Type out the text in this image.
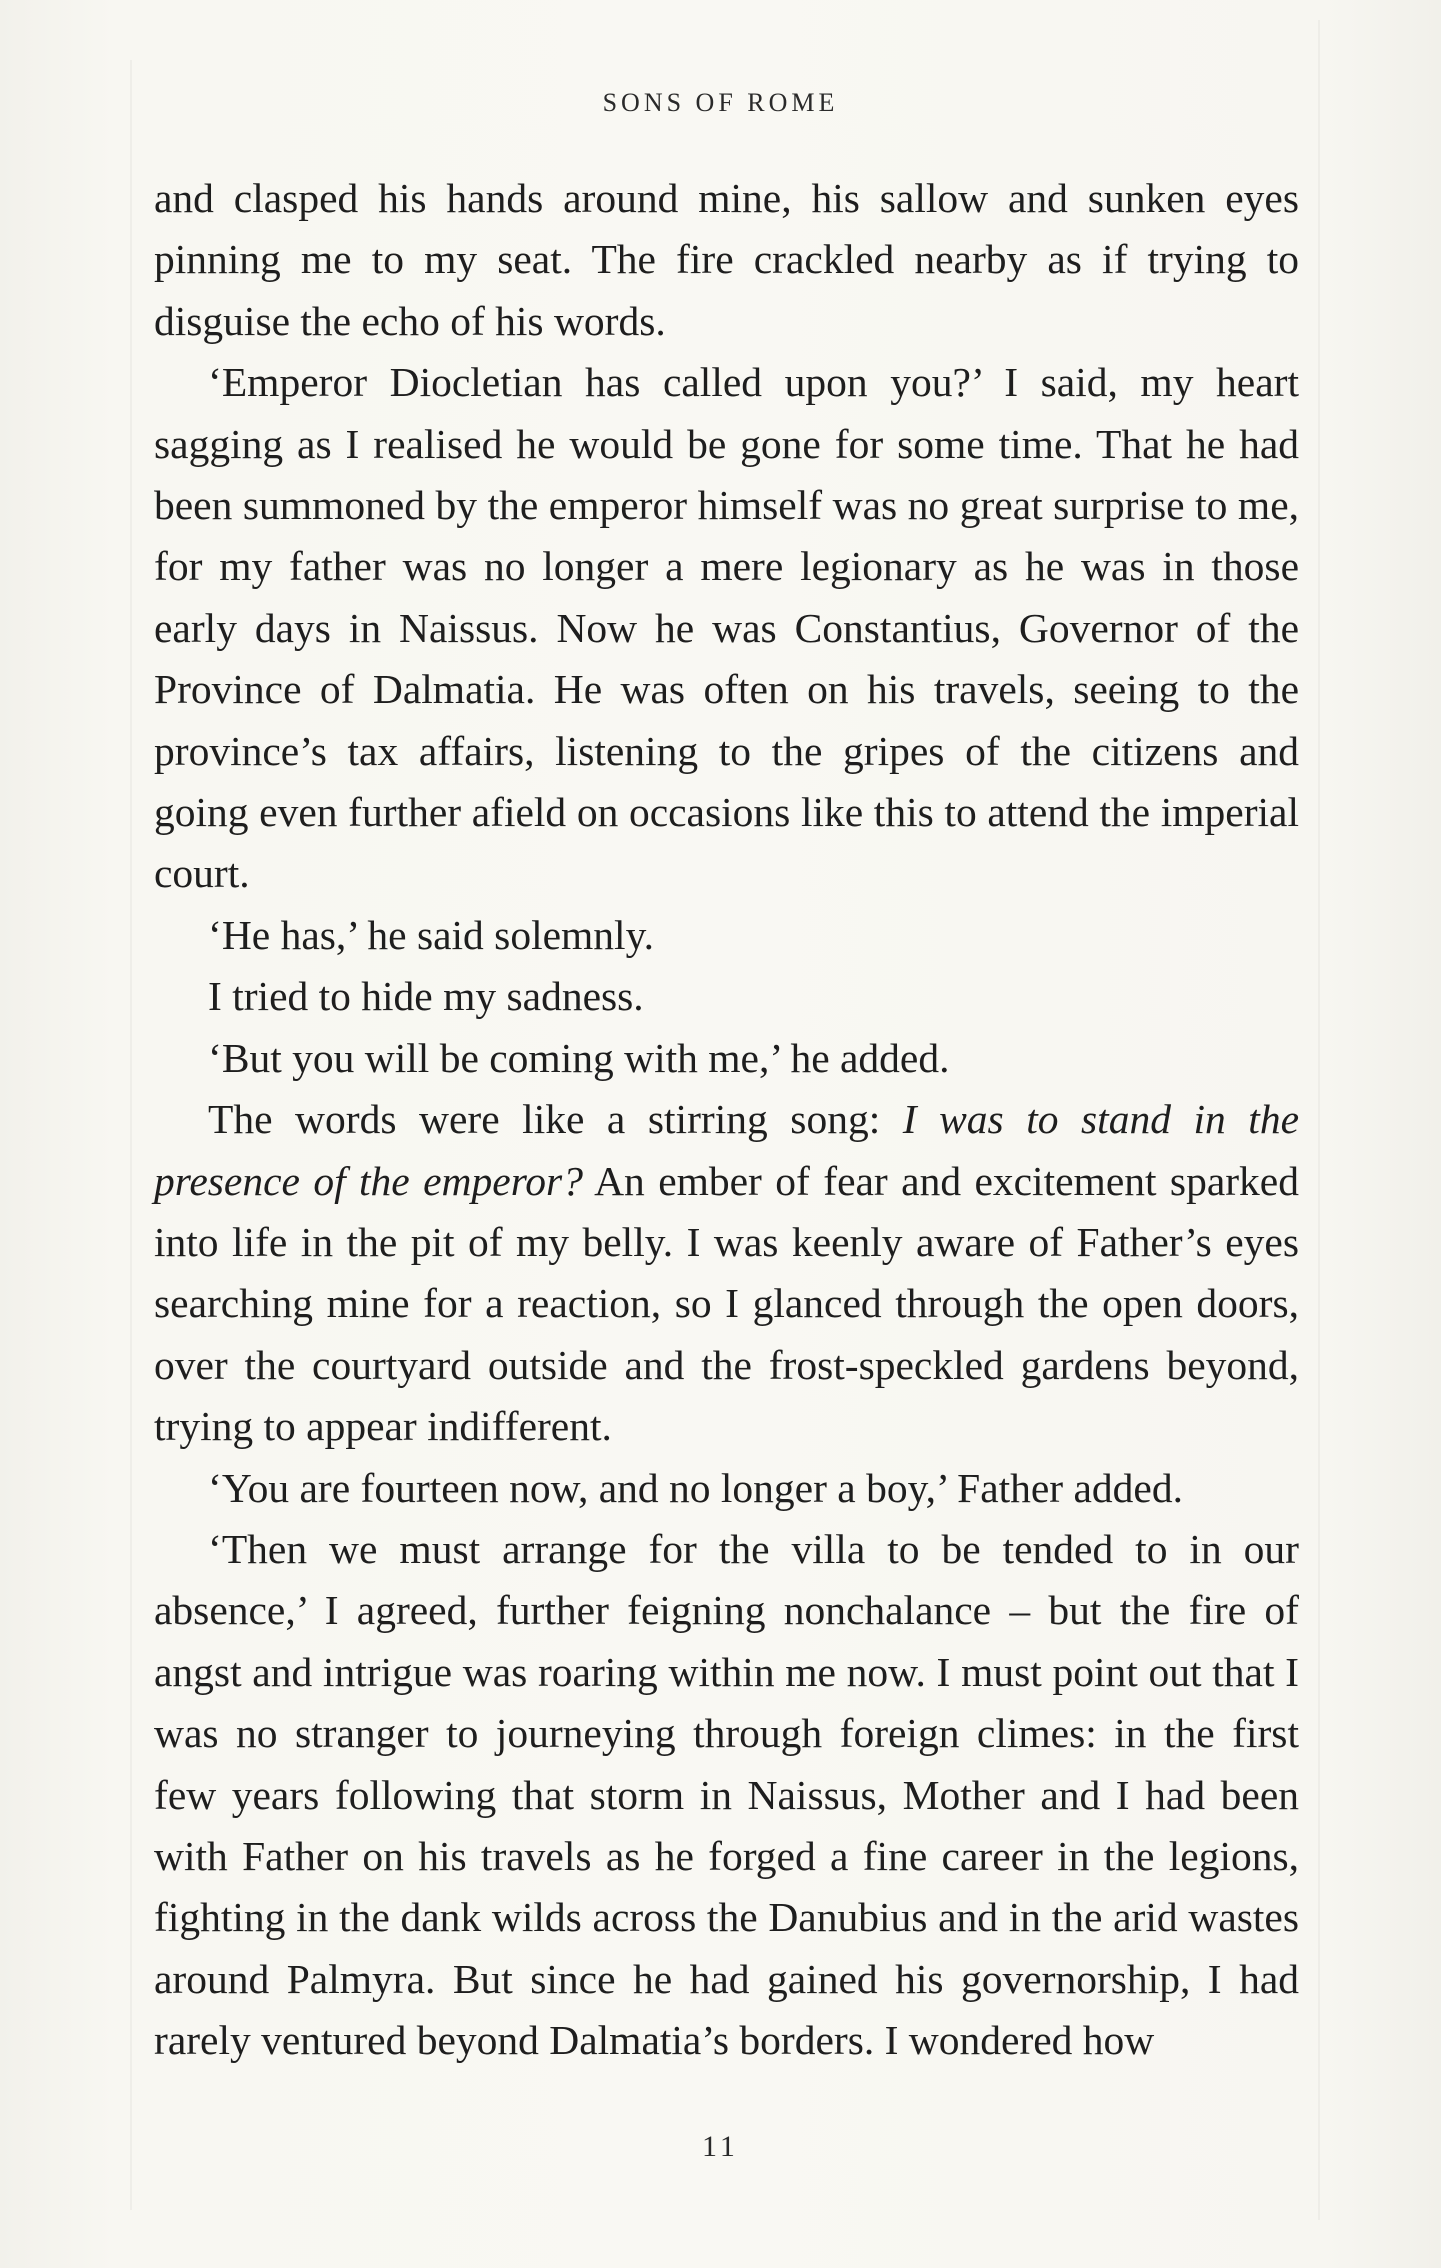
SONS OF ROME

and clasped his hands around mine, his sallow and sunken eyes pinning me to my seat. The fire crackled nearby as if trying to disguise the echo of his words.

‘Emperor Diocletian has called upon you?’ I said, my heart sagging as I realised he would be gone for some time. That he had been summoned by the emperor himself was no great surprise to me, for my father was no longer a mere legionary as he was in those early days in Naissus. Now he was Constantius, Governor of the Province of Dalmatia. He was often on his travels, seeing to the province’s tax affairs, listening to the gripes of the citizens and going even further afield on occasions like this to attend the imperial court.

‘He has,’ he said solemnly.

I tried to hide my sadness.

‘But you will be coming with me,’ he added.

The words were like a stirring song: I was to stand in the presence of the emperor? An ember of fear and excitement sparked into life in the pit of my belly. I was keenly aware of Father’s eyes searching mine for a reaction, so I glanced through the open doors, over the courtyard outside and the frost-speckled gardens beyond, trying to appear indifferent.

‘You are fourteen now, and no longer a boy,’ Father added.

‘Then we must arrange for the villa to be tended to in our absence,’ I agreed, further feigning nonchalance – but the fire of angst and intrigue was roaring within me now. I must point out that I was no stranger to journeying through foreign climes: in the first few years following that storm in Naissus, Mother and I had been with Father on his travels as he forged a fine career in the legions, fighting in the dank wilds across the Danubius and in the arid wastes around Palmyra. But since he had gained his governorship, I had rarely ventured beyond Dalmatia’s borders. I wondered how

11
